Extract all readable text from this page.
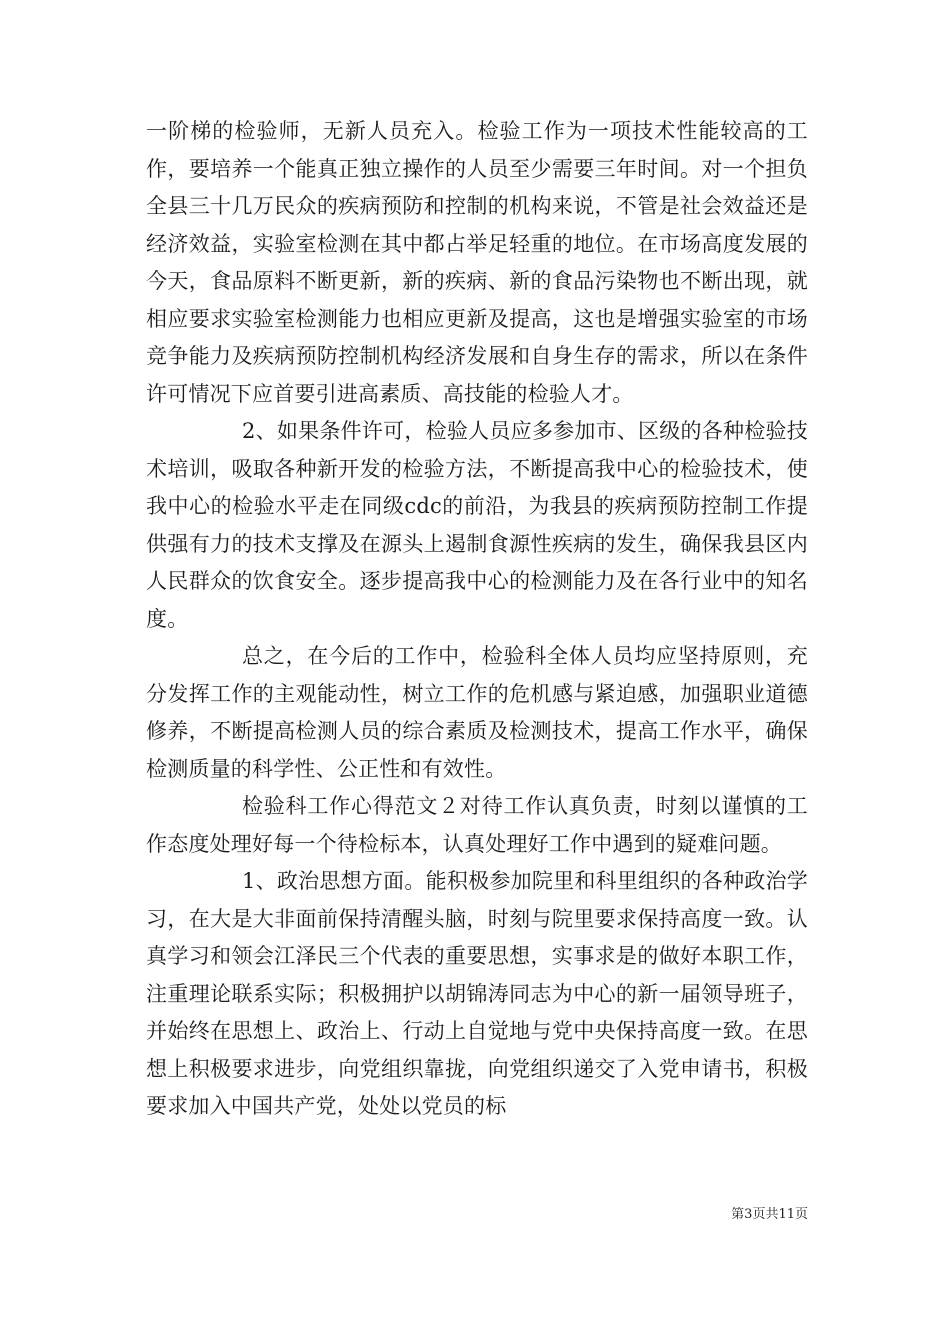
一阶梯的检验师，无新人员充入。检验工作为一项技术性能较高的工作，要培养一个能真正独立操作的人员至少需要三年时间。对一个担负全县三十几万民众的疾病预防和控制的机构来说，不管是社会效益还是经济效益，实验室检测在其中都占举足轻重的地位。在市场高度发展的今天，食品原料不断更新，新的疾病、新的食品污染物也不断出现，就相应要求实验室检测能力也相应更新及提高，这也是增强实验室的市场竞争能力及疾病预防控制机构经济发展和自身生存的需求，所以在条件许可情况下应首要引进高素质、高技能的检验人才。

2、如果条件许可，检验人员应多参加市、区级的各种检验技术培训，吸取各种新开发的检验方法，不断提高我中心的检验技术，使我中心的检验水平走在同级cdc的前沿，为我县的疾病预防控制工作提供强有力的技术支撑及在源头上遏制食源性疾病的发生，确保我县区内人民群众的饮食安全。逐步提高我中心的检测能力及在各行业中的知名度。

总之，在今后的工作中，检验科全体人员均应坚持原则，充分发挥工作的主观能动性，树立工作的危机感与紧迫感，加强职业道德修养，不断提高检测人员的综合素质及检测技术，提高工作水平，确保检测质量的科学性、公正性和有效性。

检验科工作心得范文２对待工作认真负责，时刻以谨慎的工作态度处理好每一个待检标本，认真处理好工作中遇到的疑难问题。

1、政治思想方面。能积极参加院里和科里组织的各种政治学习，在大是大非面前保持清醒头脑，时刻与院里要求保持高度一致。认真学习和领会江泽民三个代表的重要思想，实事求是的做好本职工作，注重理论联系实际；积极拥护以胡锦涛同志为中心的新一届领导班子，并始终在思想上、政治上、行动上自觉地与党中央保持高度一致。在思想上积极要求进步，向党组织靠拢，向党组织递交了入党申请书，积极要求加入中国共产党，处处以党员的标

第3页共11页
